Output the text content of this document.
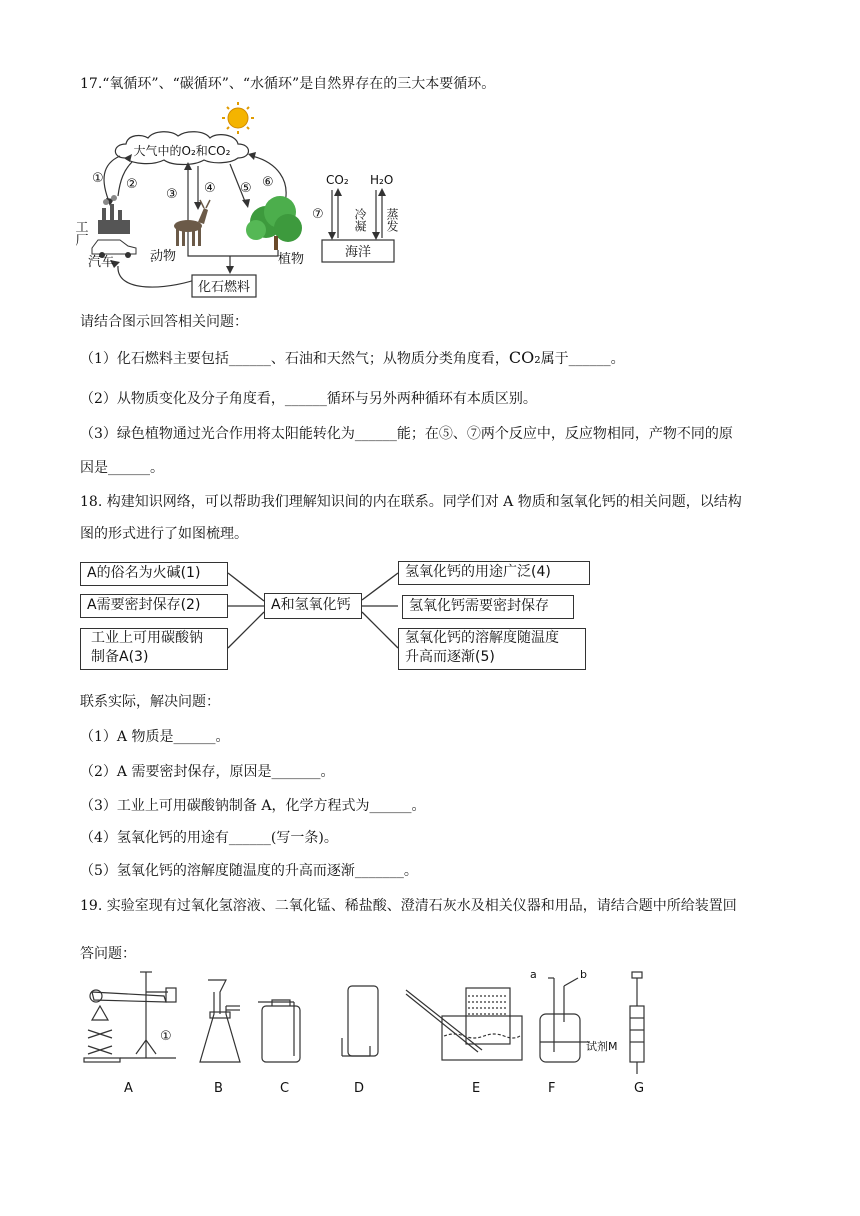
17.“氧循环”、“碳循环”、“水循环”是自然界存在的三大本要循环。
大气中的O₂和CO₂
① ②
③ ④ ⑤ ⑥
工厂
汽车	动物	植物
化石燃料
CO₂ H₂O
⑦ 冷凝 蒸发
海洋
请结合图示回答相关问题：
（1）化石燃料主要包括______、石油和天然气；从物质分类角度看，CO₂属于______。
（2）从物质变化及分子角度看，______循环与另外两种循环有本质区别。
（3）绿色植物通过光合作用将太阳能转化为______能；在⑤、⑦两个反应中，反应物相同，产物不同的原
因是______。
18. 构建知识网络，可以帮助我们理解知识间的内在联系。同学们对 A 物质和氢氧化钙的相关问题，以结构
图的形式进行了如图梳理。
A的俗名为火碱(1)
A需要密封保存(2)
工业上可用碳酸钠
制备A(3)
A和氢氧化钙
氢氧化钙的用途广泛(4)
氢氧化钙需要密封保存
氢氧化钙的溶解度随温度
升高而逐渐(5)
联系实际，解决问题：
（1）A 物质是______。
（2）A 需要密封保存，原因是_______。
（3）工业上可用碳酸钠制备 A，化学方程式为______。
（4）氢氧化钙的用途有______(写一条)。
（5）氢氧化钙的溶解度随温度的升高而逐渐_______。
19. 实验室现有过氧化氢溶液、二氧化锰、稀盐酸、澄清石灰水及相关仪器和用品，请结合题中所给装置回
答问题：
①
a	b
试剂M
A	B	C	D	E	F	G
